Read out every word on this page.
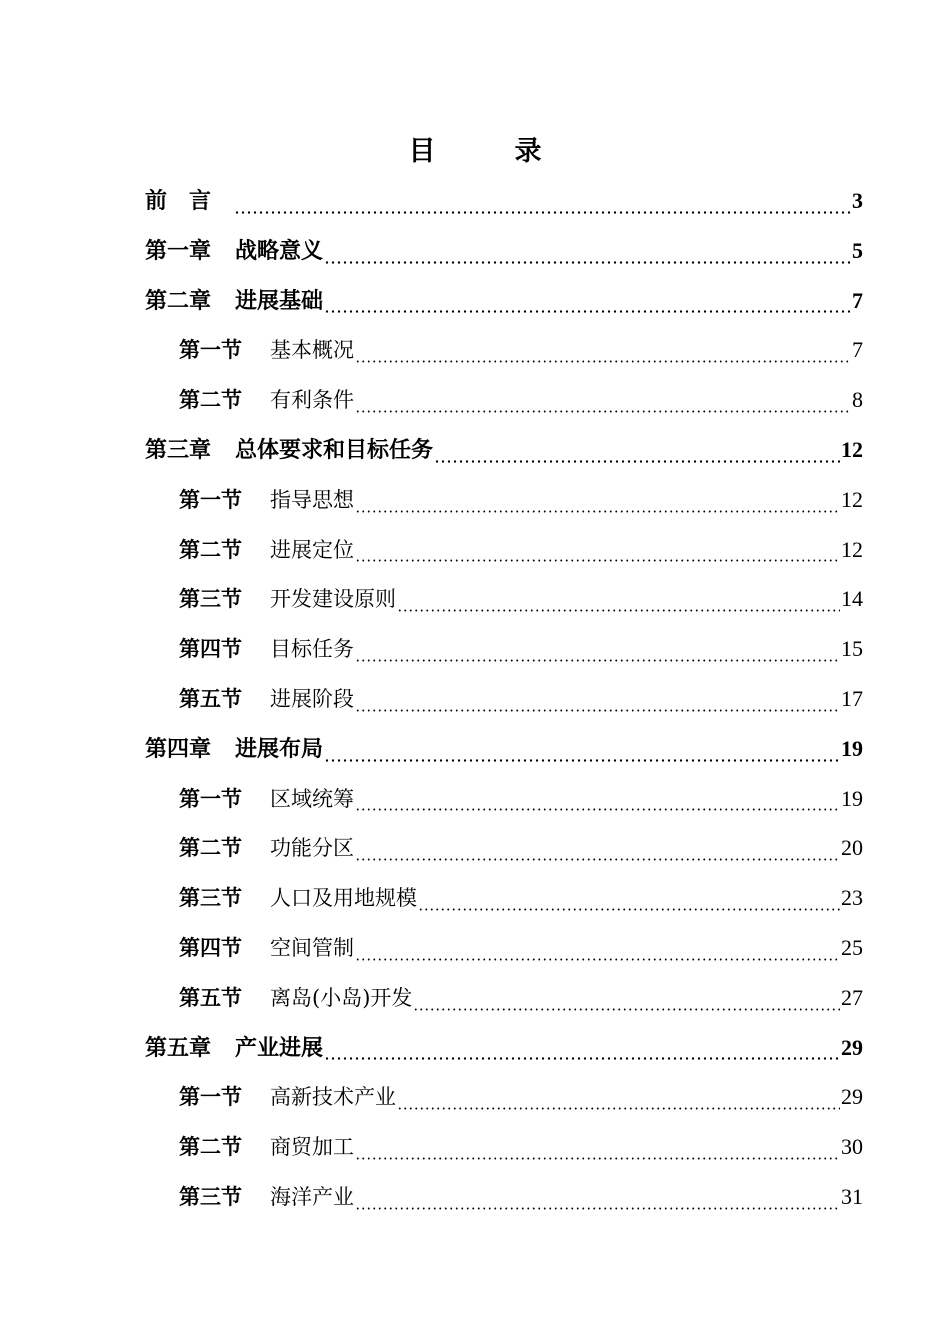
目　录
前言	3
第一章 战略意义	5
第二章 进展基础	7
第一节 基本概况	7
第二节 有利条件	8
第三章 总体要求和目标任务	12
第一节 指导思想	12
第二节 进展定位	12
第三节 开发建设原则	14
第四节 目标任务	15
第五节 进展阶段	17
第四章 进展布局	19
第一节 区域统筹	19
第二节 功能分区	20
第三节 人口及用地规模	23
第四节 空间管制	25
第五节 离岛(小岛)开发	27
第五章 产业进展	29
第一节 高新技术产业	29
第二节 商贸加工	30
第三节 海洋产业	31
